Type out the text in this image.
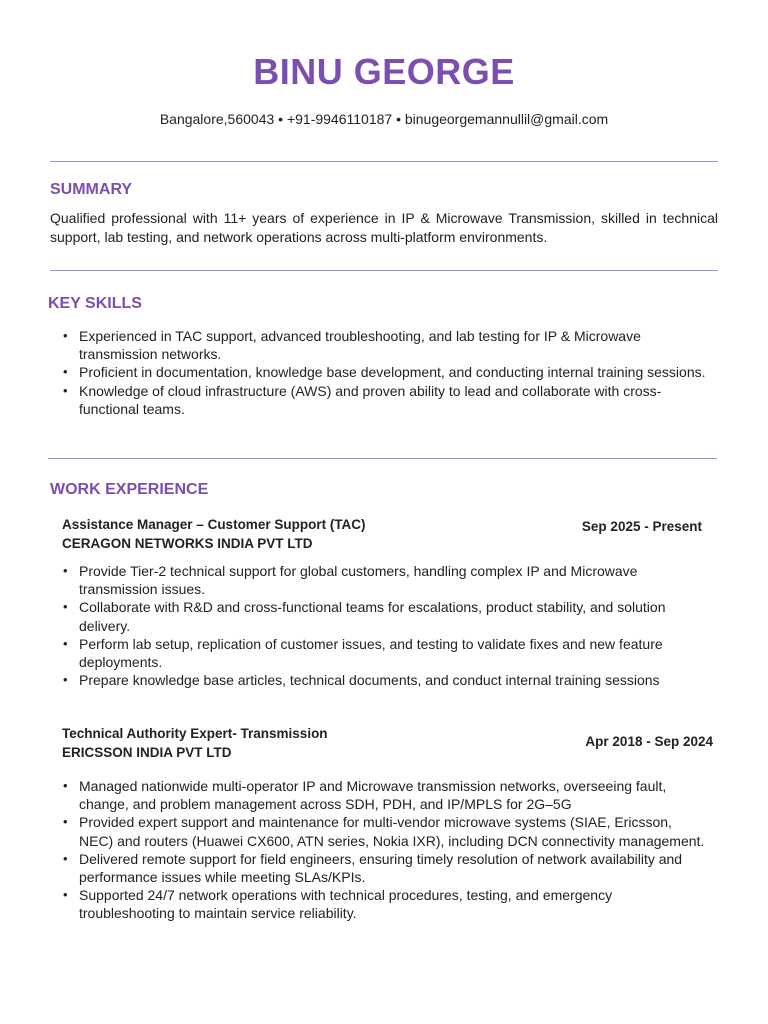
BINU GEORGE
Bangalore,560043 • +91-9946110187 • binugeorgemannullil@gmail.com
SUMMARY
Qualified professional with 11+ years of experience in IP & Microwave Transmission, skilled in technical support, lab testing, and network operations across multi-platform environments.
KEY SKILLS
• Experienced in TAC support, advanced troubleshooting, and lab testing for IP & Microwave transmission networks.
• Proficient in documentation, knowledge base development, and conducting internal training sessions.
• Knowledge of cloud infrastructure (AWS) and proven ability to lead and collaborate with cross-functional teams.
WORK EXPERIENCE
Assistance Manager – Customer Support (TAC)	Sep 2025 - Present
CERAGON NETWORKS INDIA PVT LTD
• Provide Tier-2 technical support for global customers, handling complex IP and Microwave transmission issues.
• Collaborate with R&D and cross-functional teams for escalations, product stability, and solution delivery.
• Perform lab setup, replication of customer issues, and testing to validate fixes and new feature deployments.
• Prepare knowledge base articles, technical documents, and conduct internal training sessions
Technical Authority Expert- Transmission
Apr 2018 - Sep 2024
ERICSSON INDIA PVT LTD
• Managed nationwide multi-operator IP and Microwave transmission networks, overseeing fault, change, and problem management across SDH, PDH, and IP/MPLS for 2G–5G
• Provided expert support and maintenance for multi-vendor microwave systems (SIAE, Ericsson, NEC) and routers (Huawei CX600, ATN series, Nokia IXR), including DCN connectivity management.
• Delivered remote support for field engineers, ensuring timely resolution of network availability and performance issues while meeting SLAs/KPIs.
• Supported 24/7 network operations with technical procedures, testing, and emergency troubleshooting to maintain service reliability.
